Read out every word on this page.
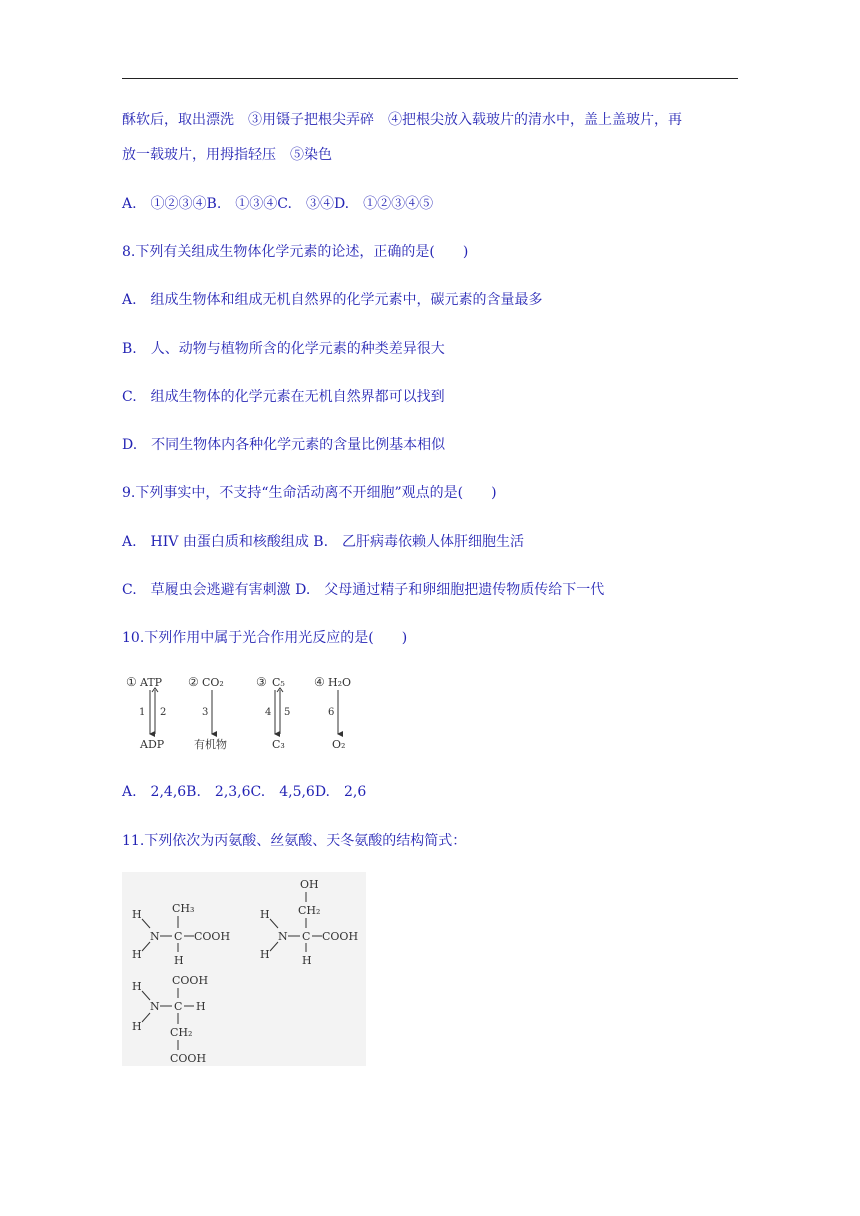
酥软后，取出漂洗　③用镊子把根尖弄碎　④把根尖放入载玻片的清水中，盖上盖玻片，再
放一载玻片，用拇指轻压　⑤染色
A.　①②③④B.　①③④C.　③④D.　①②③④⑤
8.下列有关组成生物体化学元素的论述，正确的是(　　)
A.　组成生物体和组成无机自然界的化学元素中，碳元素的含量最多
B.　人、动物与植物所含的化学元素的种类差异很大
C.　组成生物体的化学元素在无机自然界都可以找到
D.　不同生物体内各种化学元素的含量比例基本相似
9.下列事实中，不支持“生命活动离不开细胞”观点的是(　　)
A.　HIV 由蛋白质和核酸组成 B.　乙肝病毒依赖人体肝细胞生活
C.　草履虫会逃避有害刺激 D.　父母通过精子和卵细胞把遗传物质传给下一代
10.下列作用中属于光合作用光反应的是(　　)
① ATP
1 2
ADP
② CO₂
3
有机物
③ C₅
4 5
C₃
④ H₂O
6
O₂
A.　2,4,6B.　2,3,6C.　4,5,6D.　2,6
11.下列依次为丙氨酸、丝氨酸、天冬氨酸的结构简式：
CH₃
H
N
H
C COOH
H
OH
CH₂
H
N
H
C COOH
H
COOH
H
N
H
C H
CH₂
COOH
